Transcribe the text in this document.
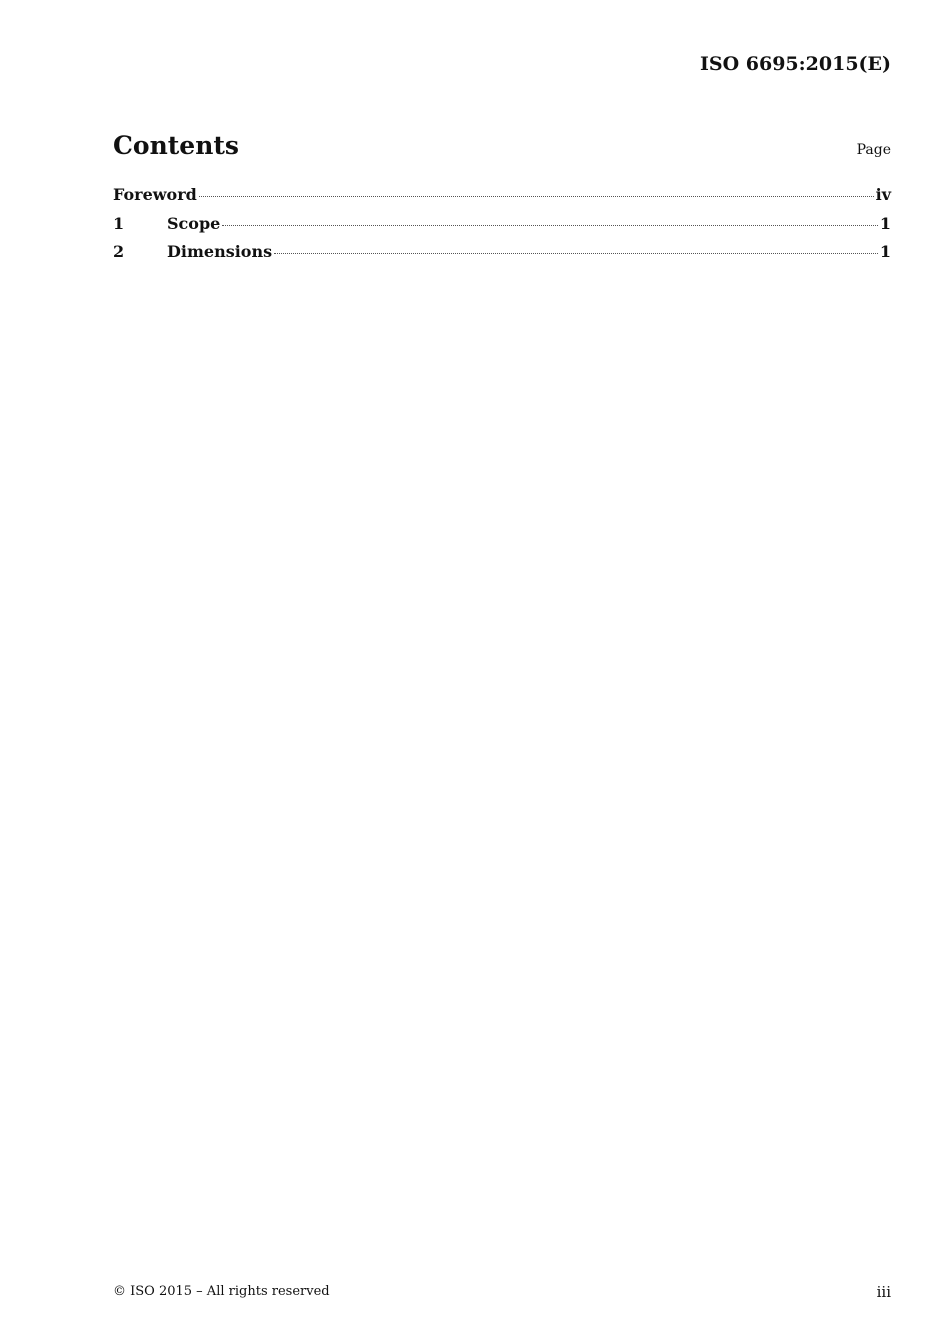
ISO 6695:2015(E)
Contents	Page
Foreword	iv
1	Scope	1
2	Dimensions	1
© ISO 2015 – All rights reserved	iii
